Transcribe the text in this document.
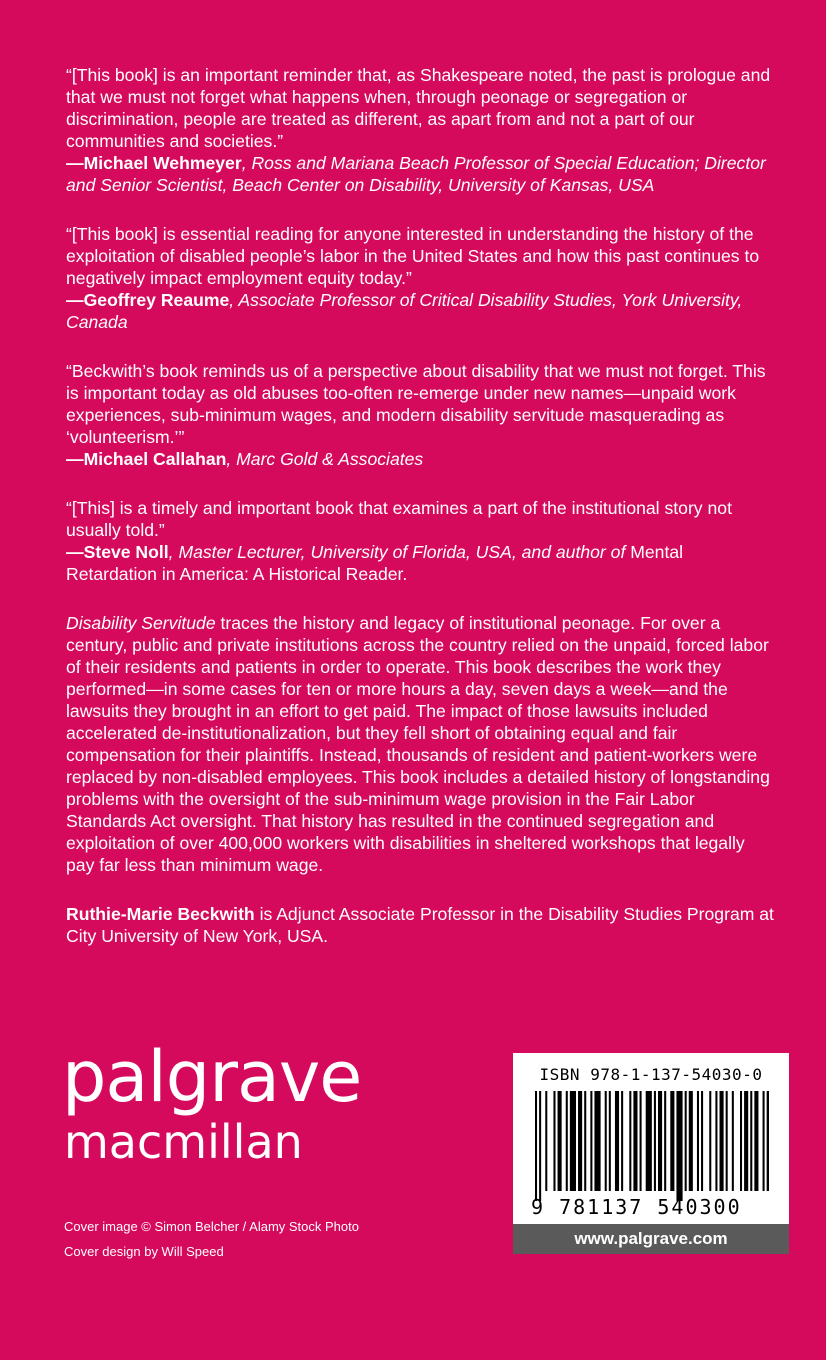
“[This book] is an important reminder that, as Shakespeare noted, the past is prologue and that we must not forget what happens when, through peonage or segregation or discrimination, people are treated as different, as apart from and not a part of our communities and societies.”

—Michael Wehmeyer, Ross and Mariana Beach Professor of Special Education; Director and Senior Scientist, Beach Center on Disability, University of Kansas, USA

“[This book] is essential reading for anyone interested in understanding the history of the exploitation of disabled people’s labor in the United States and how this past continues to negatively impact employment equity today.”

—Geoffrey Reaume, Associate Professor of Critical Disability Studies, York University, Canada

“Beckwith’s book reminds us of a perspective about disability that we must not forget. This is important today as old abuses too-often re-emerge under new names—unpaid work experiences, sub-minimum wages, and modern disability servitude masquerading as ‘volunteerism.’”

—Michael Callahan, Marc Gold & Associates

“[This] is a timely and important book that examines a part of the institutional story not usually told.”

—Steve Noll, Master Lecturer, University of Florida, USA, and author of Mental Retardation in America: A Historical Reader.

Disability Servitude traces the history and legacy of institutional peonage. For over a century, public and private institutions across the country relied on the unpaid, forced labor of their residents and patients in order to operate. This book describes the work they performed—in some cases for ten or more hours a day, seven days a week—and the lawsuits they brought in an effort to get paid. The impact of those lawsuits included accelerated de-institutionalization, but they fell short of obtaining equal and fair compensation for their plaintiffs. Instead, thousands of resident and patient-workers were replaced by non-disabled employees. This book includes a detailed history of longstanding problems with the oversight of the sub-minimum wage provision in the Fair Labor Standards Act oversight. That history has resulted in the continued segregation and exploitation of over 400,000 workers with disabilities in sheltered workshops that legally pay far less than minimum wage.

Ruthie-Marie Beckwith is Adjunct Associate Professor in the Disability Studies Program at City University of New York, USA.

palgrave
macmillan
Cover image © Simon Belcher / Alamy Stock Photo
Cover design by Will Speed
ISBN 978-1-137-54030-0
9 781137 540300
www.palgrave.com
